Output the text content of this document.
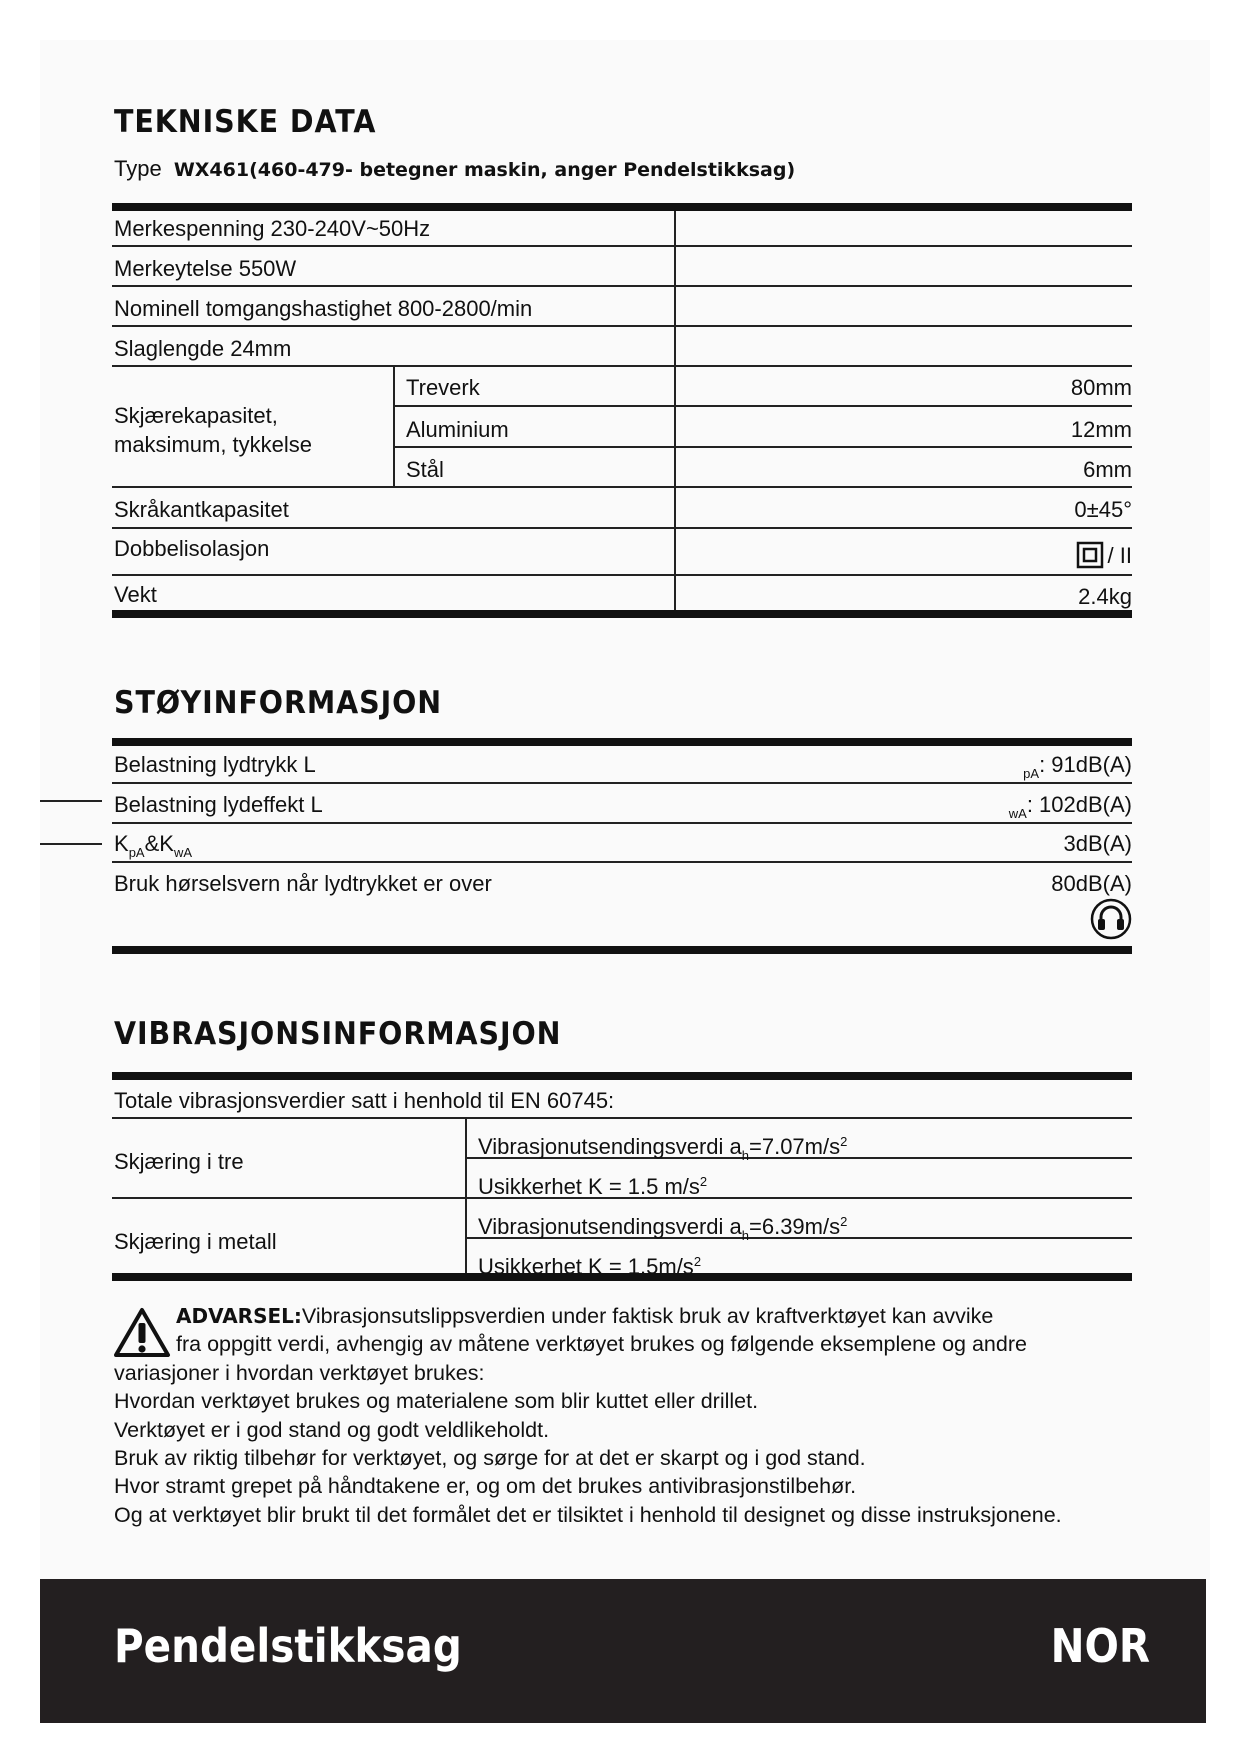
TEKNISKE DATA
Type WX461(460-479- betegner maskin, anger Pendelstikksag)
Merkespenning 230-240V~50Hz
Merkeytelse 550W
Nominell tomgangshastighet 800-2800/min
Slaglengde 24mm
Skjærekapasitet,
maksimum, tykkelse
Treverk	80mm
Aluminium	12mm
Stål	6mm
Skråkantkapasitet	0±45°
Dobbelisolasjon	/ II
Vekt	2.4kg
STØYINFORMASJON
Belastning lydtrykk L	$_{pA}$: 91dB(A)
Belastning lydeffekt L	$_{wA}$: 102dB(A)
$K_{pA}\&K_{wA}$	3dB(A)
Bruk hørselsvern når lydtrykket er over	80dB(A)
VIBRASJONSINFORMASJON
Totale vibrasjonsverdier satt i henhold til EN 60745:
Skjæring i tre
Vibrasjonutsendingsverdi $a_h=7.07m/s^2$
Usikkerhet K = 1.5 $m/s^2$
Skjæring i metall
Vibrasjonutsendingsverdi $a_h=6.39m/s^2$
Usikkerhet $K = 1.5m/s^2$
ADVARSEL:Vibrasjonsutslippsverdien under faktisk bruk av kraftverktøyet kan avvike
fra oppgitt verdi, avhengig av måtene verktøyet brukes og følgende eksemplene og andre
variasjoner i hvordan verktøyet brukes:
Hvordan verktøyet brukes og materialene som blir kuttet eller drillet.
Verktøyet er i god stand og godt veldlikeholdt.
Bruk av riktig tilbehør for verktøyet, og sørge for at det er skarpt og i god stand.
Hvor stramt grepet på håndtakene er, og om det brukes antivibrasjonstilbehør.
Og at verktøyet blir brukt til det formålet det er tilsiktet i henhold til designet og disse instruksjonene.
Pendelstikksag	NOR
